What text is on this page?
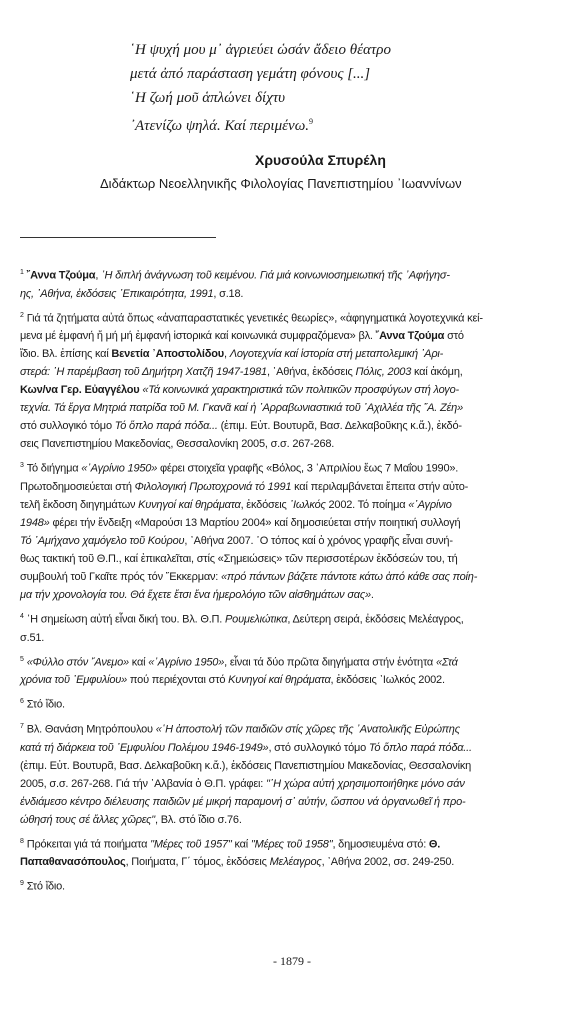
῾Η ψυχή μου μ᾿ ἀγριεύει ὡσάν ἄδειο θέατρο
μετά ἀπό παράσταση γεμάτη φόνους [...]
῾Η ζωή μοῦ ἁπλώνει δίχτυ
᾿Ατενίζω ψηλά. Καί περιμένω.$^9$
Χρυσούλα Σπυρέλη
Διδάκτωρ Νεοελληνικῆς Φιλολογίας Πανεπιστημίου ᾿Ιωαννίνων
$^1$ ῎Αννα Τζούμα, ῾Η διπλή ἀνάγνωση τοῦ κειμένου. Γιά μιά κοινωνιοσημειωτική τῆς ᾿Αφήγησ-
ης, ᾿Αθήνα, ἐκδόσεις ᾿Επικαιρότητα, 1991, σ.18.
$^2$ Γιά τά ζητήματα αὐτά ὅπως «ἀναπαραστατικές γενετικές θεωρίες», «ἀφηγηματικά λογοτεχνικά κεί-
μενα μέ ἐμφανή ἤ μή μή ἐμφανή ἱστορικά καί κοινωνικά συμφραζόμενα» βλ. ῎Αννα Τζούμα στό
ἴδιο. Βλ. ἐπίσης καί Βενετία ᾿Αποστολίδου, Λογοτεχνία καί ἱστορία στή μεταπολεμική ᾿Αρι-
στερά: ῾Η παρέμβαση τοῦ Δημήτρη Χατζῆ 1947-1981, ᾿Αθήνα, ἐκδόσεις Πόλις, 2003 καί ἀκόμη,
Κων/να Γερ. Εὐαγγέλου «Τά κοινωνικά χαρακτηριστικά τῶν πολιτικῶν προσφύγων στή λογο-
τεχνία. Τά ἔργα Μητριά πατρίδα τοῦ Μ. Γκανᾶ καί ἡ ᾿Αρραβωνιαστικιά τοῦ ᾿Αχιλλέα τῆς ῞Α. Ζέη»
στό συλλογικό τόμο Τό ὅπλο παρά πόδα... (ἐπιμ. Εὐτ. Βουτυρᾶ, Βασ. Δελκαβοῦκης κ.ἄ.), ἐκδό-
σεις Πανεπιστημίου Μακεδονίας, Θεσσαλονίκη 2005, σ.σ. 267-268.
$^3$ Τό διήγημα «᾿Αγρίνιο 1950» φέρει στοιχεῖα γραφῆς «Βόλος, 3 ᾿Απριλίου ἕως 7 Μαΐου 1990».
Πρωτοδημοσιεύεται στή Φιλολογική Πρωτοχρονιά τό 1991 καί περιλαμβάνεται ἔπειτα στήν αὐτο-
τελῆ ἔκδοση διηγημάτων Κυνηγοί καί θηράματα, ἐκδόσεις ᾿Ιωλκός 2002. Τό ποίημα «᾿Αγρίνιο
1948» φέρει τήν ἔνδειξη «Μαρούσι 13 Μαρτίου 2004» καί δημοσιεύεται στήν ποιητική συλλογή
Τό ᾿Αμήχανο χαμόγελο τοῦ Κούρου, ᾿Αθήνα 2007. ῾Ο τόπος καί ὁ χρόνος γραφῆς εἶναι συνή-
θως τακτική τοῦ Θ.Π., καί ἐπικαλεῖται, στίς «Σημειώσεις» τῶν περισσοτέρων ἐκδόσεών του, τή
συμβουλή τοῦ Γκαῖτε πρός τόν ῎Εκκερμαν: «πρό πάντων βάζετε πάντοτε κάτω ἀπό κάθε σας ποίη-
μα τήν χρονολογία του. Θά ἔχετε ἔτσι ἕνα ἡμερολόγιο τῶν αἰσθημάτων σας».
$^4$ ῾Η σημείωση αὐτή εἶναι δική του. Βλ. Θ.Π. Ρουμελιώτικα, Δεύτερη σειρά, ἐκδόσεις Μελέαγρος,
σ.51.
$^5$ «Φύλλο στόν ῎Ανεμο» καί «᾿Αγρίνιο 1950», εἶναι τά δύο πρῶτα διηγήματα στήν ἑνότητα «Στά
χρόνια τοῦ ᾿Εμφυλίου» πού περιέχονται στό Κυνηγοί καί θηράματα, ἐκδόσεις ᾿Ιωλκός 2002.
$^6$ Στό ἴδιο.
$^7$ Βλ. Θανάση Μητρόπουλου «῾Η ἀποστολή τῶν παιδιῶν στίς χῶρες τῆς ᾿Ανατολικῆς Εὐρώπης
κατά τή διάρκεια τοῦ ᾿Εμφυλίου Πολέμου 1946-1949», στό συλλογικό τόμο Τό ὅπλο παρά πόδα...
(ἐπιμ. Εὐτ. Βουτυρᾶ, Βασ. Δελκαβοῦκη κ.ἄ.), ἐκδόσεις Πανεπιστημίου Μακεδονίας, Θεσσαλονίκη
2005, σ.σ. 267-268. Γιά τήν ᾿Αλβανία ὁ Θ.Π. γράφει: "῾Η χώρα αὐτή χρησιμοποιήθηκε μόνο σάν
ἐνδιάμεσο κέντρο διέλευσης παιδιῶν μέ μικρή παραμονή σ᾿ αὐτήν, ὥσπου νά ὀργανωθεῖ ἡ προ-
ώθησή τους σέ ἄλλες χῶρες", Βλ. στό ἴδιο σ.76.
$^8$ Πρόκειται γιά τά ποιήματα "Μέρες τοῦ 1957" καί "Μέρες τοῦ 1958", δημοσιευμένα στό: Θ.
Παπαθανασόπουλος, Ποιήματα, Γ΄ τόμος, ἐκδόσεις Μελέαγρος, ᾿Αθήνα 2002, σσ. 249-250.
$^9$ Στό ἴδιο.
- 1879 -
